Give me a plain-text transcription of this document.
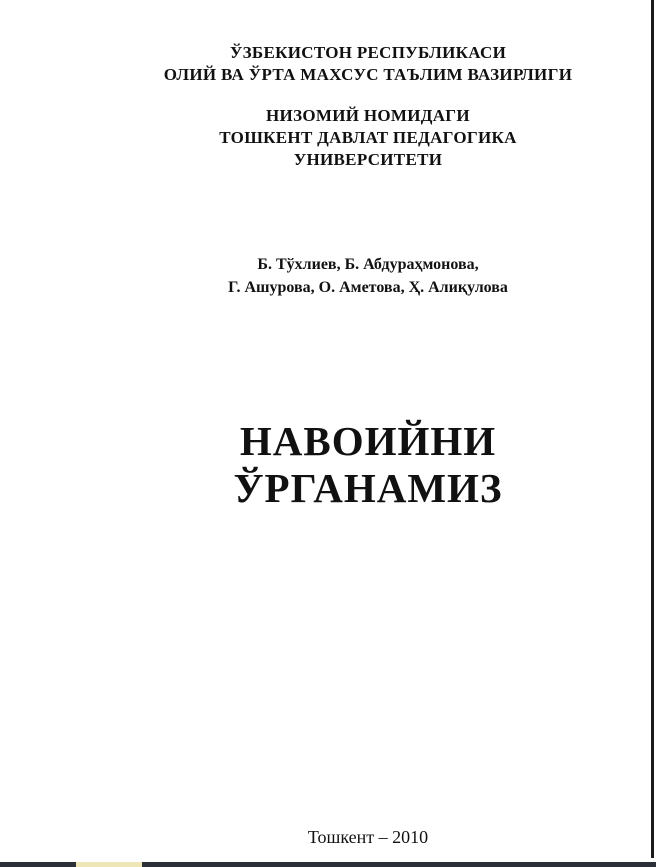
ЎЗБЕКИСТОН РЕСПУБЛИКАСИ
ОЛИЙ ВА ЎРТА МАХСУС ТАЪЛИМ ВАЗИРЛИГИ
НИЗОМИЙ НОМИДАГИ
ТОШКЕНТ ДАВЛАТ ПЕДАГОГИКА
УНИВЕРСИТЕТИ
Б. Тўхлиев, Б. Абдураҳмонова,
Г. Ашурова, О. Аметова, Ҳ. Алиқулова
НАВОИЙНИ
ЎРГАНАМИЗ
Тошкент – 2010
